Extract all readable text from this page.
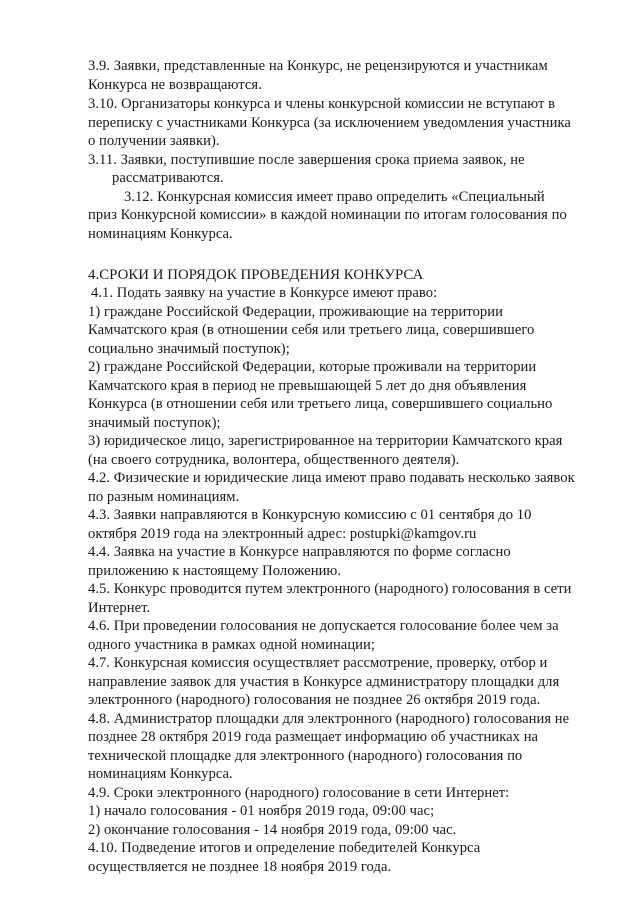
3.9. Заявки, представленные на Конкурс, не рецензируются и участникам
Конкурса не возвращаются.
3.10. Организаторы конкурса и члены конкурсной комиссии не вступают в
переписку с участниками Конкурса (за исключением уведомления участника
о получении заявки).
3.11. Заявки, поступившие после завершения срока приема заявок, не
рассматриваются.
3.12. Конкурсная комиссия имеет право определить «Специальный
приз Конкурсной комиссии» в каждой номинации по итогам голосования по
номинациям Конкурса.
4.СРОКИ И ПОРЯДОК ПРОВЕДЕНИЯ КОНКУРСА
4.1. Подать заявку на участие в Конкурсе имеют право:
1) граждане Российской Федерации, проживающие на территории
Камчатского края (в отношении себя или третьего лица, совершившего
социально значимый поступок);
2) граждане Российской Федерации, которые проживали на территории
Камчатского края в период не превышающей 5 лет до дня объявления
Конкурса (в отношении себя или третьего лица, совершившего социально
значимый поступок);
3) юридическое лицо, зарегистрированное на территории Камчатского края
(на своего сотрудника, волонтера, общественного деятеля).
4.2. Физические и юридические лица имеют право подавать несколько заявок
по разным номинациям.
4.3. Заявки направляются в Конкурсную комиссию с 01 сентября до 10
октября 2019 года на электронный адрес: postupki@kamgov.ru
4.4. Заявка на участие в Конкурсе направляются по форме согласно
приложению к настоящему Положению.
4.5. Конкурс проводится путем электронного (народного) голосования в сети
Интернет.
4.6. При проведении голосования не допускается голосование более чем за
одного участника в рамках одной номинации;
4.7. Конкурсная комиссия осуществляет рассмотрение, проверку, отбор и
направление заявок для участия в Конкурсе администратору площадки для
электронного (народного) голосования не позднее 26 октября 2019 года.
4.8. Администратор площадки для электронного (народного) голосования не
позднее 28 октября 2019 года размещает информацию об участниках на
технической площадке для электронного (народного) голосования по
номинациям Конкурса.
4.9. Сроки электронного (народного) голосование в сети Интернет:
1) начало голосования - 01 ноября 2019 года, 09:00 час;
2) окончание голосования - 14 ноября 2019 года, 09:00 час.
4.10. Подведение итогов и определение победителей Конкурса
осуществляется не позднее 18 ноября 2019 года.
